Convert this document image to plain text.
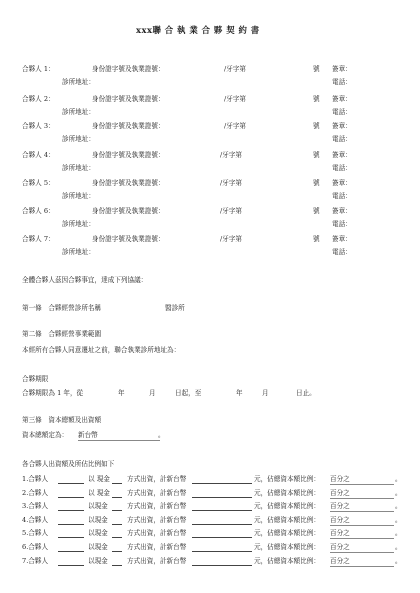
xxx聯 合 執 業 合 夥 契 約 書
合夥人 1：	身份證字號及執業證號：	/牙字第	號 簽章：
診所地址：	電話：
合夥人 2：	身份證字號及執業證號：	/牙字第	號 簽章：
診所地址：	電話：
合夥人 3：	身份證字號及執業證號：	/牙字第	號 簽章：
診所地址：	電話：
合夥人 4：	身份證字號及執業證號：	/牙字第	號 簽章：
診所地址：	電話：
合夥人 5：	身份證字號及執業證號：	/牙字第	號 簽章：
診所地址：	電話：
合夥人 6：	身份證字號及執業證號：	/牙字第	號 簽章：
診所地址：	電話：
合夥人 7：	身份證字號及執業證號：	/牙字第	號 簽章：
診所地址：	電話：
全體合夥人茲因合夥事宜，達成下列協議：
第一條　合夥經營診所名稱	醫診所
第二條　合夥經營事業範圍
本經所有合夥人同意遷址之前，聯合執業診所地址為：
合夥期限
合夥期限為 1 年，從	年	月	日起，至	年	月	日止。
第三條　資本總額及出資額
資本總額定為： 新台幣	。
各合夥人出資額及所佔比例如下
1.合夥人	以 現金	方式出資，計新台幣	元，佔總資本額比例： 百分之	。
2.合夥人	以 現金	方式出資，計新台幣	元，佔總資本額比例： 百分之	。
3.合夥人	以現金	方式出資，計新台幣	元，佔總資本額比例： 百分之	。
4.合夥人	以現金	方式出資，計新台幣	元，佔總資本額比例： 百分之	。
5.合夥人	以現金	方式出資，計新台幣	元，佔總資本額比例： 百分之	。
6.合夥人	以現金	方式出資，計新台幣	元，佔總資本額比例： 百分之	。
7.合夥人	以現金	方式出資，計新台幣	元，佔總資本額比例： 百分之	。
